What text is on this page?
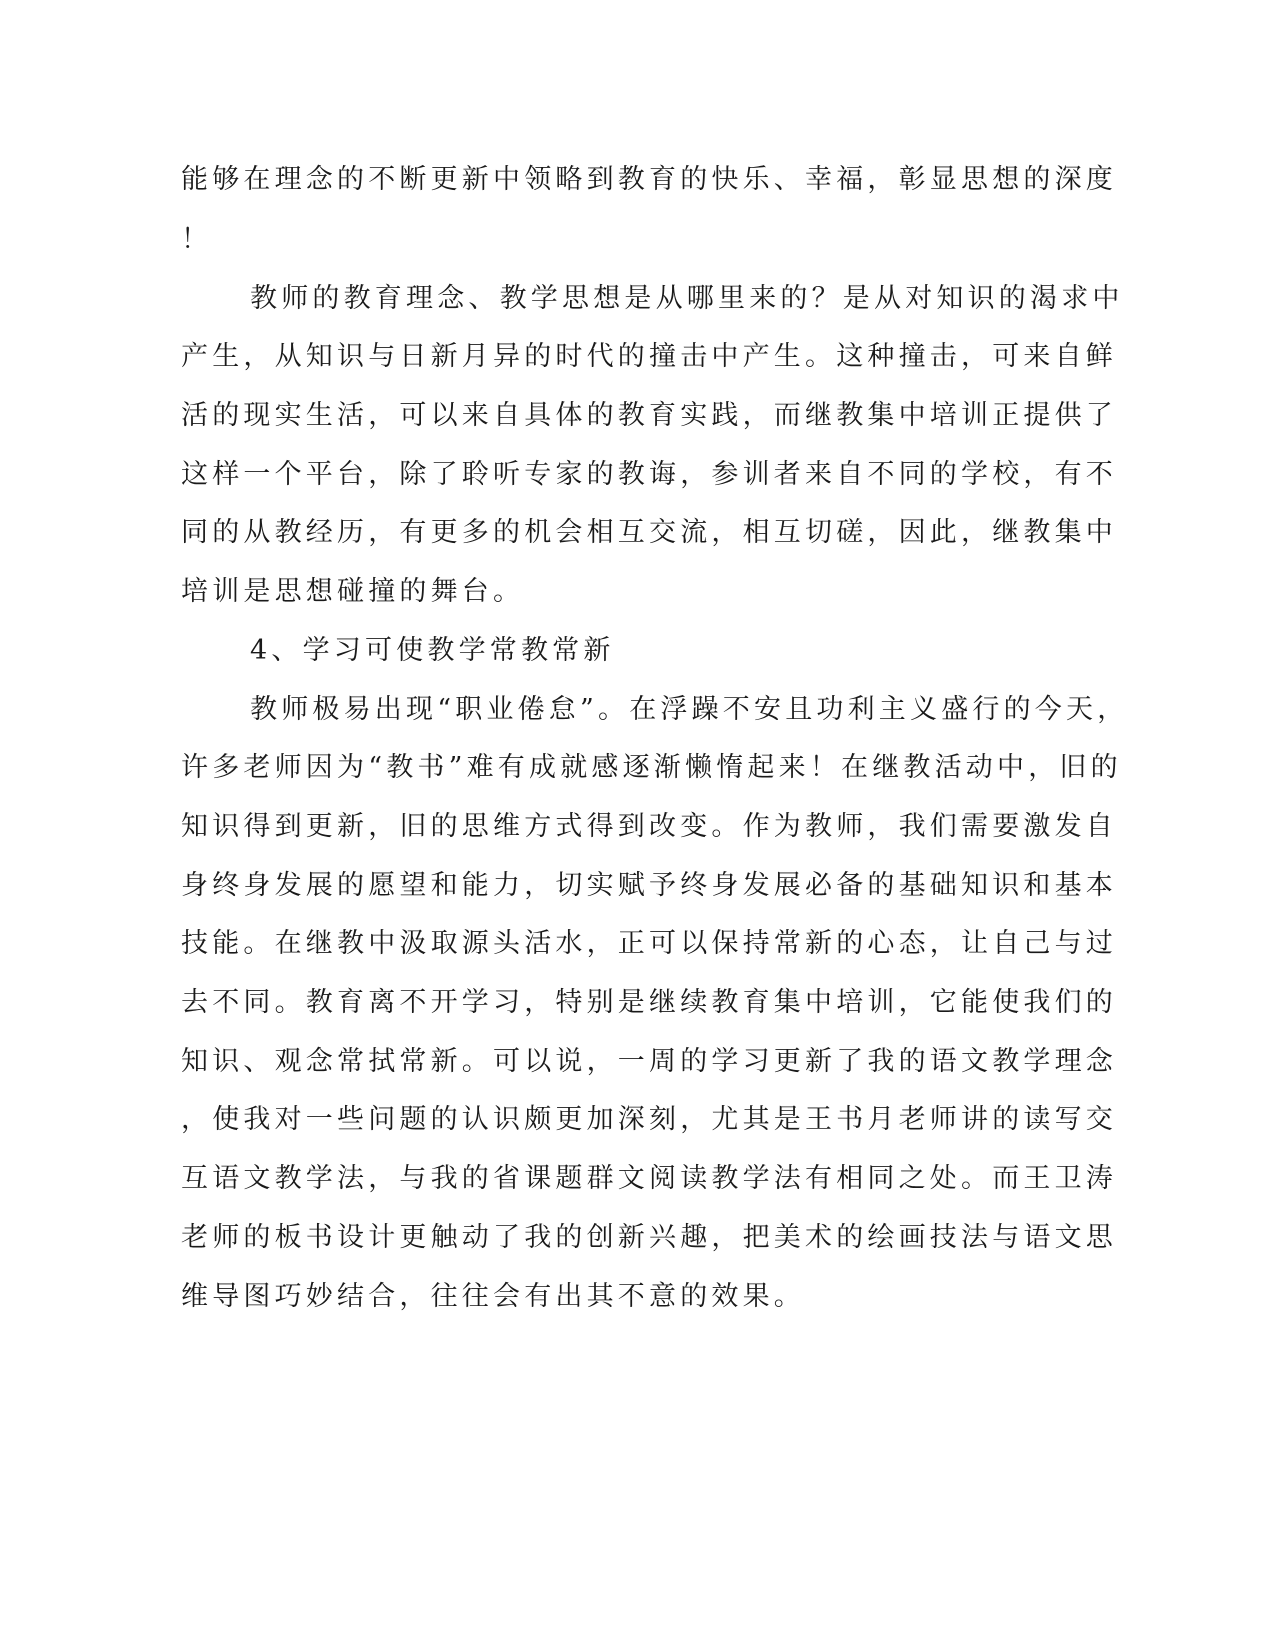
能够在理念的不断更新中领略到教育的快乐、幸福，彰显思想的深度
！
教师的教育理念、教学思想是从哪里来的？是从对知识的渴求中
产生，从知识与日新月异的时代的撞击中产生。这种撞击，可来自鲜
活的现实生活，可以来自具体的教育实践，而继教集中培训正提供了
这样一个平台，除了聆听专家的教诲，参训者来自不同的学校，有不
同的从教经历，有更多的机会相互交流，相互切磋，因此，继教集中
培训是思想碰撞的舞台。
4、学习可使教学常教常新
教师极易出现“职业倦怠”。在浮躁不安且功利主义盛行的今天，
许多老师因为“教书”难有成就感逐渐懒惰起来！在继教活动中，旧的
知识得到更新，旧的思维方式得到改变。作为教师，我们需要激发自
身终身发展的愿望和能力，切实赋予终身发展必备的基础知识和基本
技能。在继教中汲取源头活水，正可以保持常新的心态，让自己与过
去不同。教育离不开学习，特别是继续教育集中培训，它能使我们的
知识、观念常拭常新。可以说，一周的学习更新了我的语文教学理念
，使我对一些问题的认识颇更加深刻，尤其是王书月老师讲的读写交
互语文教学法，与我的省课题群文阅读教学法有相同之处。而王卫涛
老师的板书设计更触动了我的创新兴趣，把美术的绘画技法与语文思
维导图巧妙结合，往往会有出其不意的效果。
